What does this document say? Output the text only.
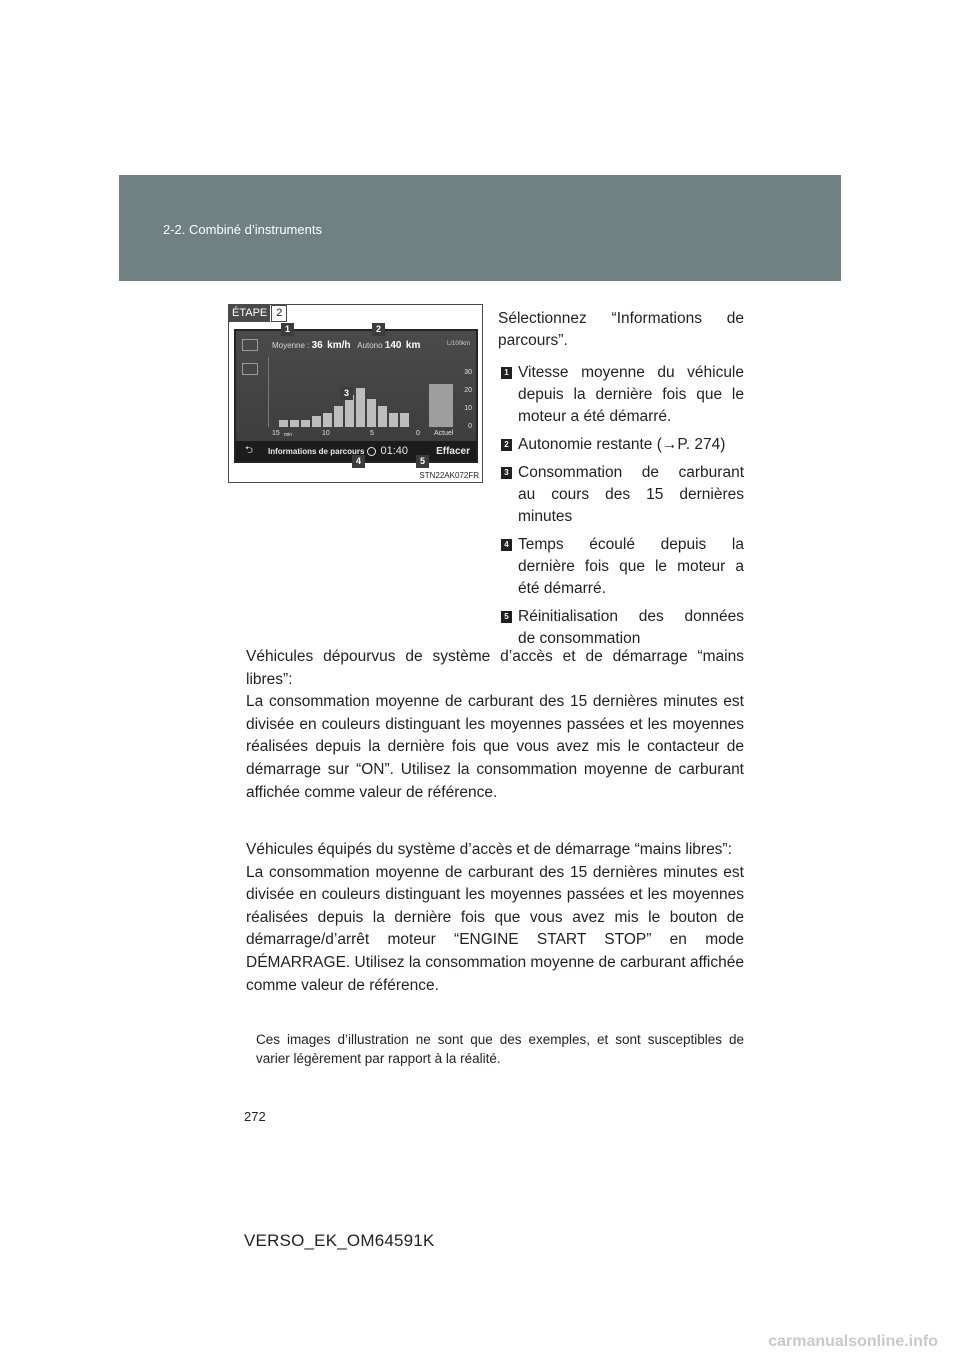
2-2. Combiné d’instruments
ÉTAPE 2
Moyenne : 36 km/h Autono 140 km	L/100km
30
20
10
0
15 min	10	5	0 Actuel
⮌	Informations de parcours 01:40	Effacer
1	2
3
4	5
STN22AK072FR
Sélectionnez “Informations de
parcours”.
1 Vitesse moyenne du véhicule
depuis la dernière fois que le
moteur a été démarré.
2 Autonomie restante (→P. 274)
3 Consommation de carburant
au cours des 15 dernières
minutes
4 Temps écoulé depuis la
dernière fois que le moteur a
été démarré.
5 Réinitialisation des données
de consommation
Véhicules dépourvus de système d’accès et de démarrage “mains libres”:
La consommation moyenne de carburant des 15 dernières minutes est divisée en couleurs distinguant les moyennes passées et les moyennes réalisées depuis la dernière fois que vous avez mis le contacteur de démarrage sur “ON”. Utilisez la consommation moyenne de carburant affichée comme valeur de référence.
Véhicules équipés du système d’accès et de démarrage “mains libres”:
La consommation moyenne de carburant des 15 dernières minutes est divisée en couleurs distinguant les moyennes passées et les moyennes réalisées depuis la dernière fois que vous avez mis le bouton de démarrage/d’arrêt moteur “ENGINE START STOP” en mode DÉMARRAGE. Utilisez la consommation moyenne de carburant affichée comme valeur de référence.
Ces images d’illustration ne sont que des exemples, et sont susceptibles de varier légèrement par rapport à la réalité.
272
VERSO_EK_OM64591K
carmanualsonline.info
